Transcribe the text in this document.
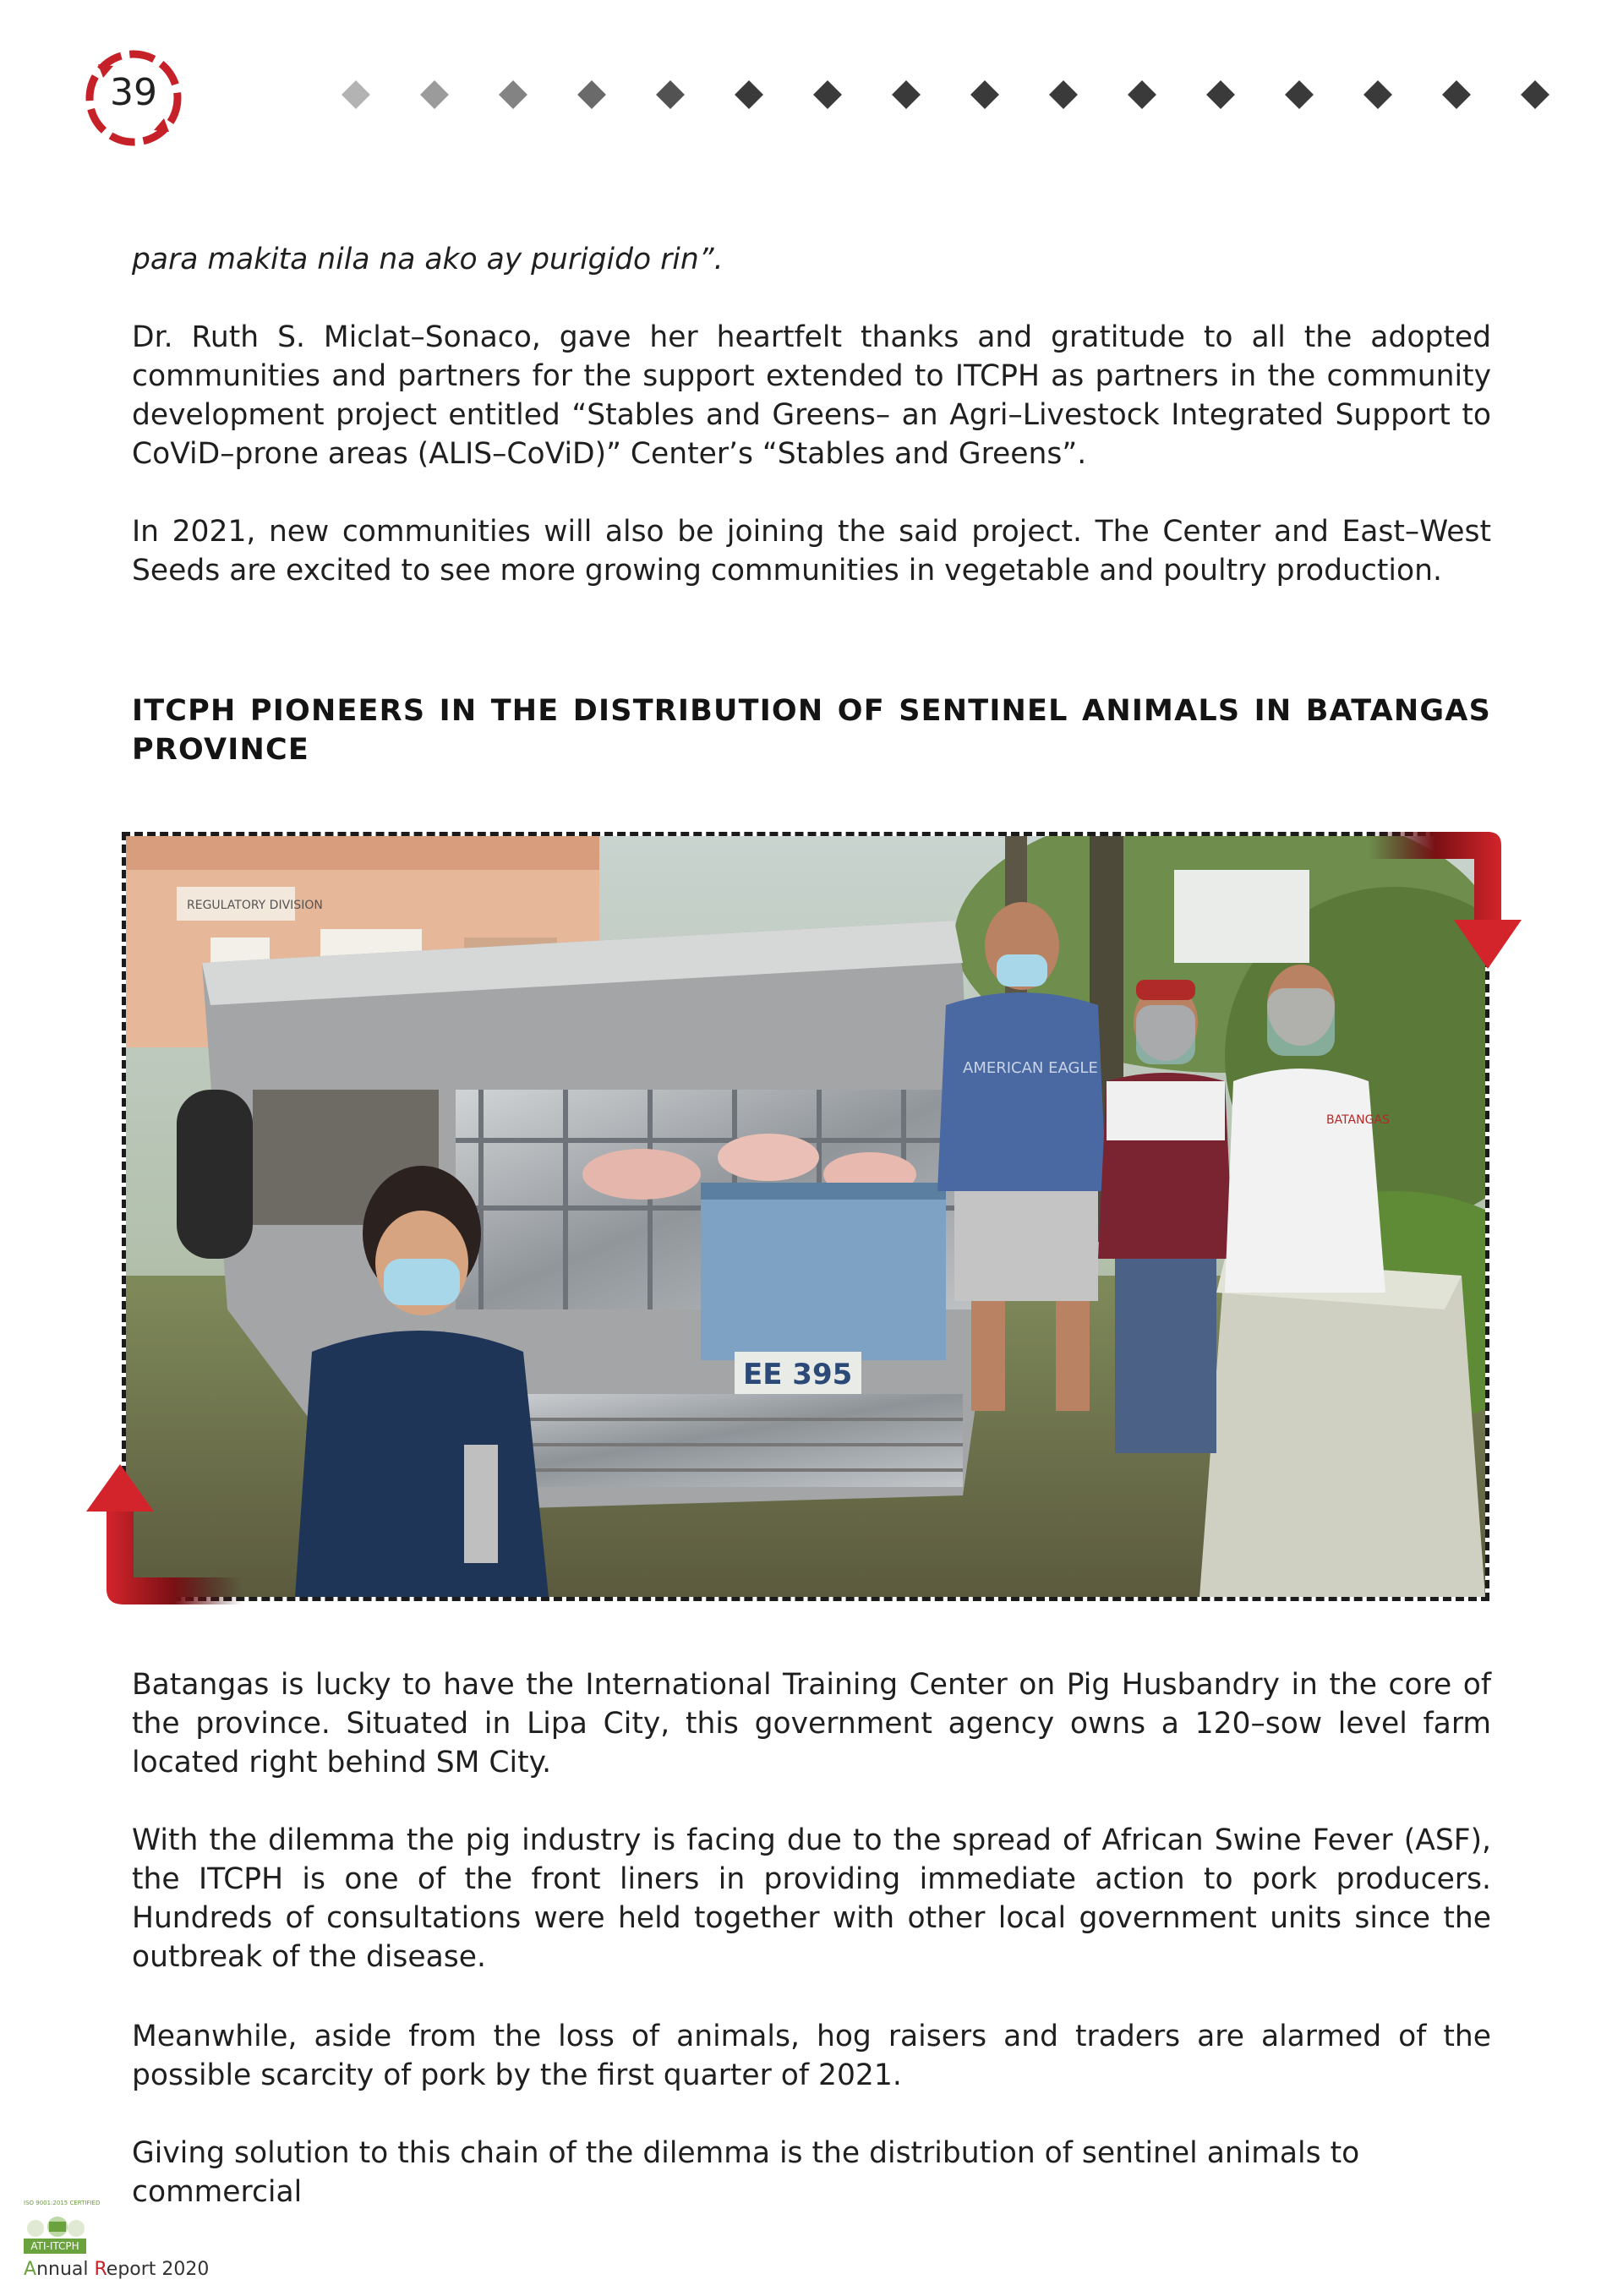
39

para makita nila na ako ay purigido rin”.

Dr. Ruth S. Miclat–Sonaco, gave her heartfelt thanks and gratitude to all the adopted communities and partners for the support extended to ITCPH as partners in the community development project entitled “Stables and Greens– an Agri–Livestock Integrated Support to CoViD–prone areas (ALIS–CoViD)” Center’s “Stables and Greens”.

In 2021, new communities will also be joining the said project. The Center and East–West Seeds are excited to see more growing communities in vegetable and poultry production.

ITCPH PIONEERS IN THE DISTRIBUTION OF SENTINEL ANIMALS IN BATANGAS PROVINCE
REGULATORY DIVISION
EE 395
AMERICAN EAGLE
BATANGAS

Batangas is lucky to have the International Training Center on Pig Husbandry in the core of the province. Situated in Lipa City, this government agency owns a 120–sow level farm located right behind SM City.

With the dilemma the pig industry is facing due to the spread of African Swine Fever (ASF), the ITCPH is one of the front liners in providing immediate action to pork producers. Hundreds of consultations were held together with other local government units since the outbreak of the disease.

Meanwhile, aside from the loss of animals, hog raisers and traders are alarmed of the possible scarcity of pork by the first quarter of 2021.

Giving solution to this chain of the dilemma is the distribution of sentinel animals to commercial

ISO 9001:2015 CERTIFIED
ATI-ITCPH
Annual Report 2020
